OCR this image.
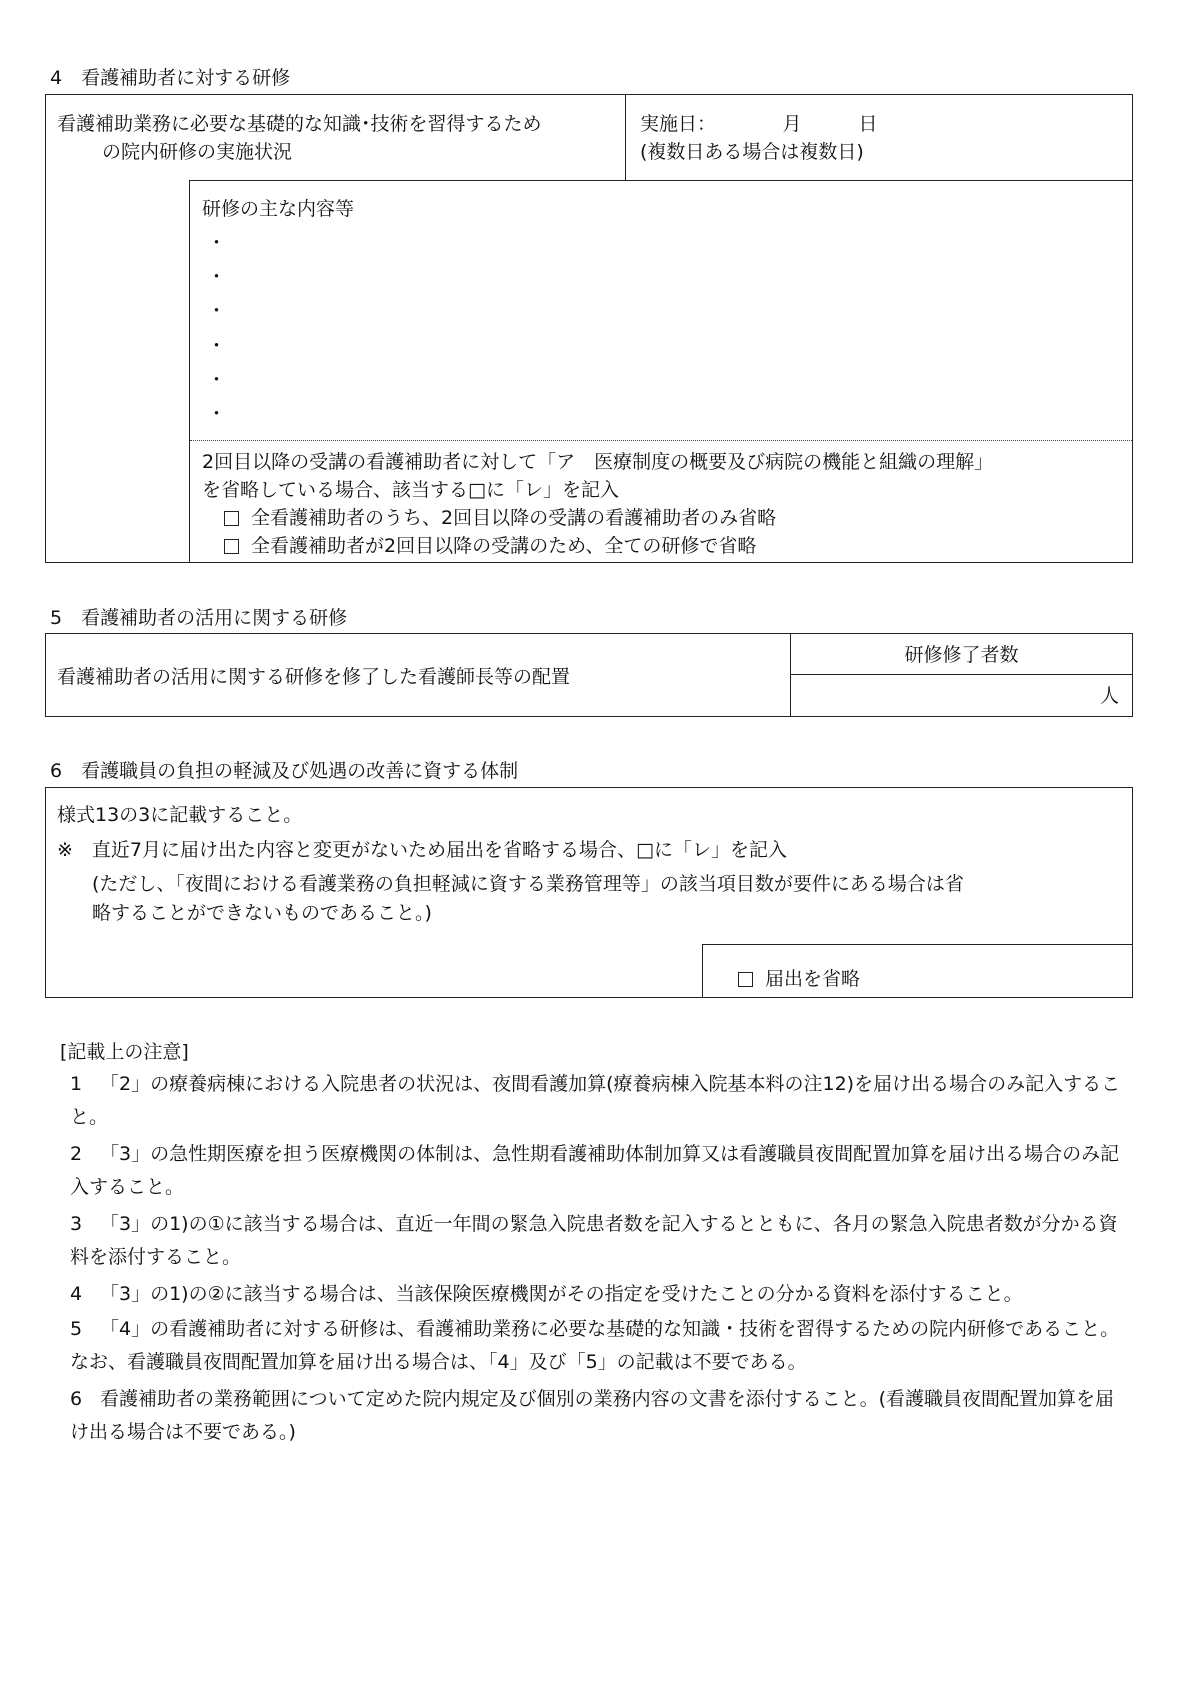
4　看護補助者に対する研修
看護補助業務に必要な基礎的な知識･技術を習得するため
の院内研修の実施状況
実施日：　　　　月　　　日
(複数日ある場合は複数日)
研修の主な内容等
・
・
・
・
・
・
2回目以降の受講の看護補助者に対して「ア　医療制度の概要及び病院の機能と組織の理解」
を省略している場合、該当する□に「レ」を記入
全看護補助者のうち、2回目以降の受講の看護補助者のみ省略
全看護補助者が2回目以降の受講のため、全ての研修で省略
5　看護補助者の活用に関する研修
看護補助者の活用に関する研修を修了した看護師長等の配置
研修修了者数
人
6　看護職員の負担の軽減及び処遇の改善に資する体制
様式13の3に記載すること。
※　直近7月に届け出た内容と変更がないため届出を省略する場合、□に「レ」を記入
(ただし、「夜間における看護業務の負担軽減に資する業務管理等」の該当項目数が要件にある場合は省
略することができないものであること。)
届出を省略
[記載上の注意]
1 「2」の療養病棟における入院患者の状況は、夜間看護加算(療養病棟入院基本料の注12)を届け出る場合のみ記入すること。
2 「3」の急性期医療を担う医療機関の体制は、急性期看護補助体制加算又は看護職員夜間配置加算を届け出る場合のみ記入すること。
3 「3」の1)の①に該当する場合は、直近一年間の緊急入院患者数を記入するとともに、各月の緊急入院患者数が分かる資料を添付すること。
4 「3」の1)の②に該当する場合は、当該保険医療機関がその指定を受けたことの分かる資料を添付すること。
5 「4」の看護補助者に対する研修は、看護補助業務に必要な基礎的な知識・技術を習得するための院内研修であること。なお、看護職員夜間配置加算を届け出る場合は、「4」及び「5」の記載は不要である。
6 看護補助者の業務範囲について定めた院内規定及び個別の業務内容の文書を添付すること。(看護職員夜間配置加算を届け出る場合は不要である。)
